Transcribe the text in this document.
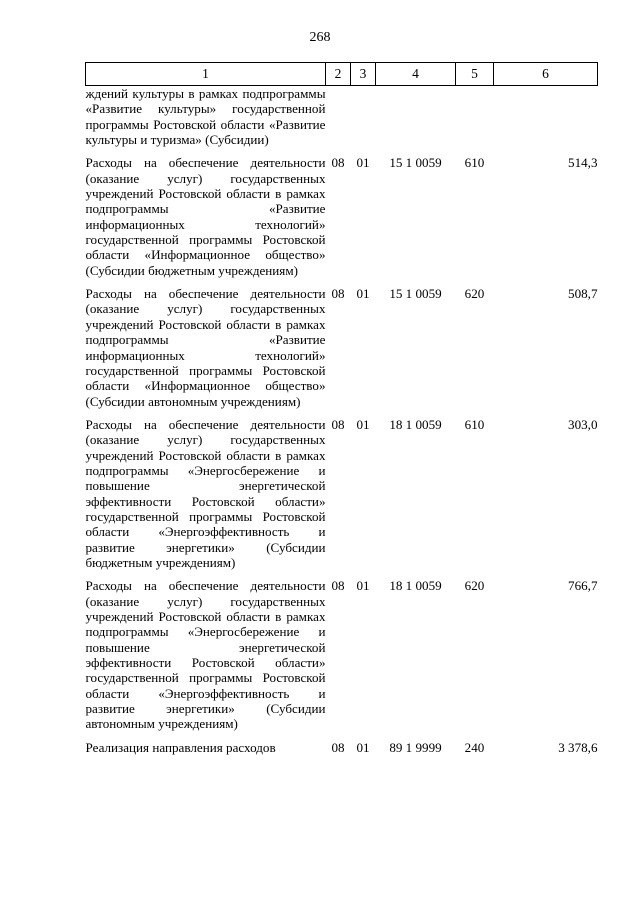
268
1	2	3	4	5	6
ждений культуры в рамках подпрограммы «Развитие культуры» государственной программы Ростовской области «Развитие культуры и туризма» (Субсидии)					

Расходы на обеспечение деятельности (оказание услуг) государственных учреждений Ростовской области в рамках подпрограммы «Развитие информационных технологий» государственной программы Ростовской области «Информационное общество» (Субсидии бюджетным учреждениям)	08	01	15 1 0059	610	514,3

Расходы на обеспечение деятельности (оказание услуг) государственных учреждений Ростовской области в рамках подпрограммы «Развитие информационных технологий» государственной программы Ростовской области «Информационное общество» (Субсидии автономным учреждениям)	08	01	15 1 0059	620	508,7

Расходы на обеспечение деятельности (оказание услуг) государственных учреждений Ростовской области в рамках подпрограммы «Энергосбережение и повышение энергетической эффективности Ростовской области» государственной программы Ростовской области «Энергоэффективность и развитие энергетики» (Субсидии бюджетным учреждениям)	08	01	18 1 0059	610	303,0

Расходы на обеспечение деятельности (оказание услуг) государственных учреждений Ростовской области в рамках подпрограммы «Энергосбережение и повышение энергетической эффективности Ростовской области» государственной программы Ростовской области «Энергоэффективность и развитие энергетики» (Субсидии автономным учреждениям)	08	01	18 1 0059	620	766,7

Реализация направления расходов	08	01	89 1 9999	240	3 378,6
